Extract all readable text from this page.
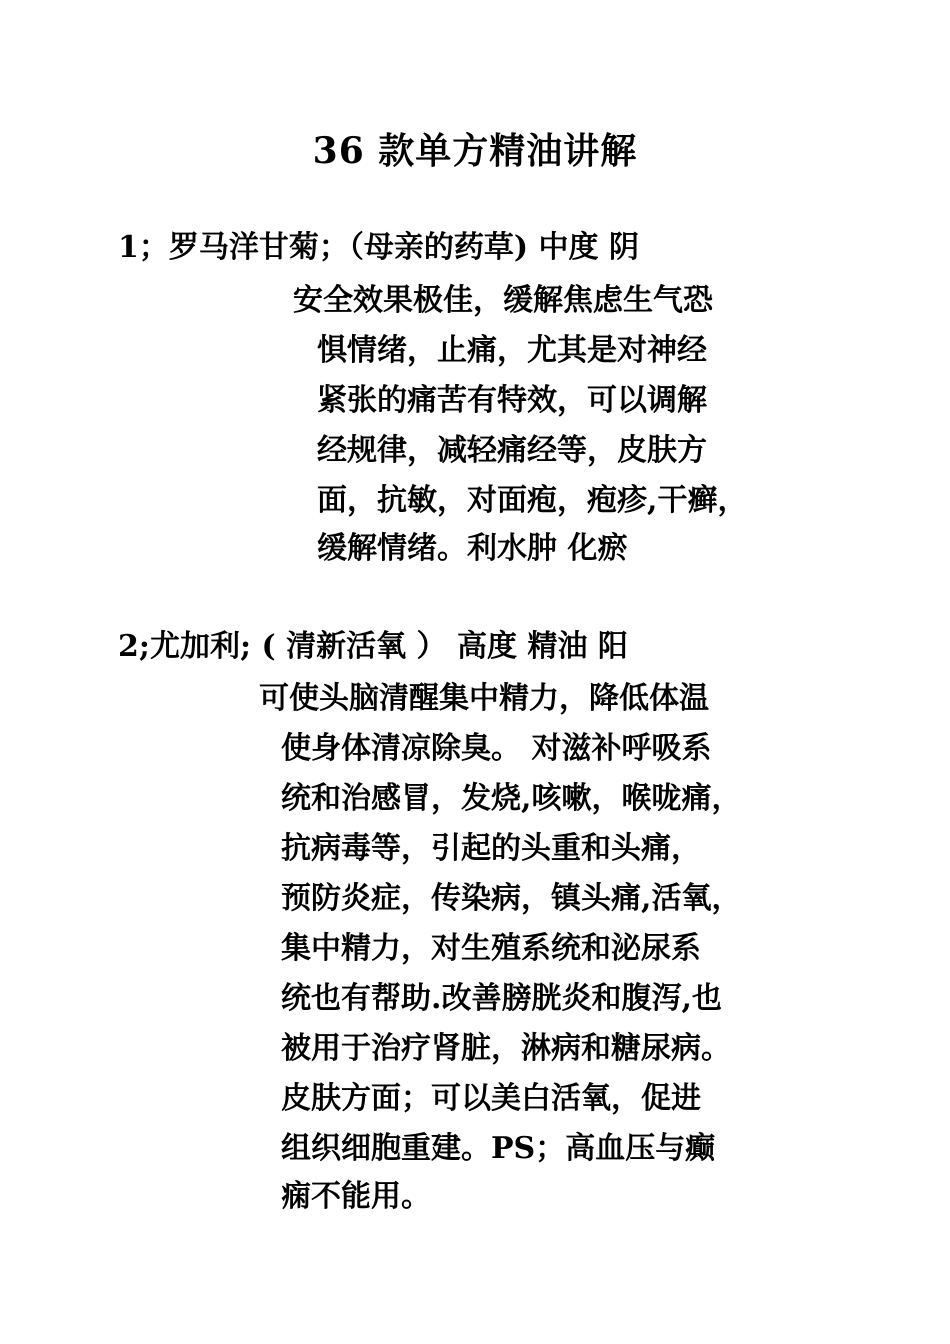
36 款单方精油讲解
1；罗马洋甘菊；（母亲的药草) 中度 阴
安全效果极佳，缓解焦虑生气恐
惧情绪，止痛，尤其是对神经
紧张的痛苦有特效，可以调解
经规律，减轻痛经等，皮肤方
面，抗敏，对面疱，疱疹,干癣，
缓解情绪。利水肿 化瘀
2;尤加利; ( 清新活氧 ） 高度 精油 阳
可使头脑清醒集中精力，降低体温
使身体清凉除臭。 对滋补呼吸系
统和治感冒，发烧,咳嗽，喉咙痛，
抗病毒等，引起的头重和头痛，
预防炎症，传染病，镇头痛,活氧，
集中精力，对生殖系统和泌尿系
统也有帮助.改善膀胱炎和腹泻,也
被用于治疗肾脏，淋病和糖尿病。
皮肤方面；可以美白活氧，促进
组织细胞重建。PS；高血压与癫
痫不能用。
